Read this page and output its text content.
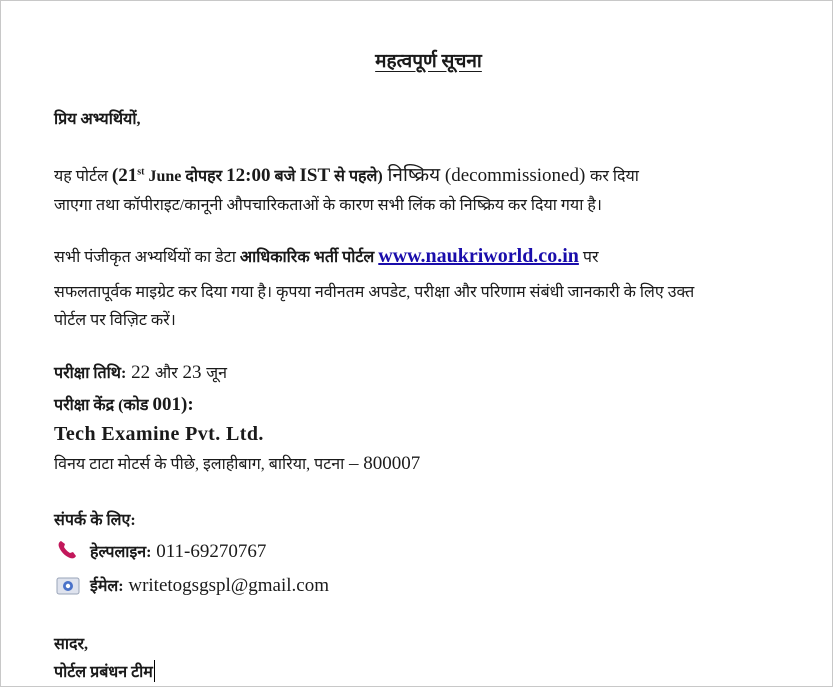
महत्वपूर्ण सूचना
प्रिय अभ्यर्थियों,
यह पोर्टल (21st June दोपहर 12:00 बजे IST से पहले) निष्क्रिय (decommissioned) कर दिया
जाएगा तथा कॉपीराइट/कानूनी औपचारिकताओं के कारण सभी लिंक को निष्क्रिय कर दिया गया है।
सभी पंजीकृत अभ्यर्थियों का डेटा आधिकारिक भर्ती पोर्टल www.naukriworld.co.in पर
सफलतापूर्वक माइग्रेट कर दिया गया है। कृपया नवीनतम अपडेट, परीक्षा और परिणाम संबंधी जानकारी के लिए उक्त
पोर्टल पर विज़िट करें।
परीक्षा तिथि: 22 और 23 जून
परीक्षा केंद्र (कोड 001):
Tech Examine Pvt. Ltd.
विनय टाटा मोटर्स के पीछे, इलाहीबाग, बारिया, पटना – 800007
संपर्क के लिए:
हेल्पलाइन: 011-69270767
ईमेल: writetogsgspl@gmail.com
सादर,
पोर्टल प्रबंधन टीम
